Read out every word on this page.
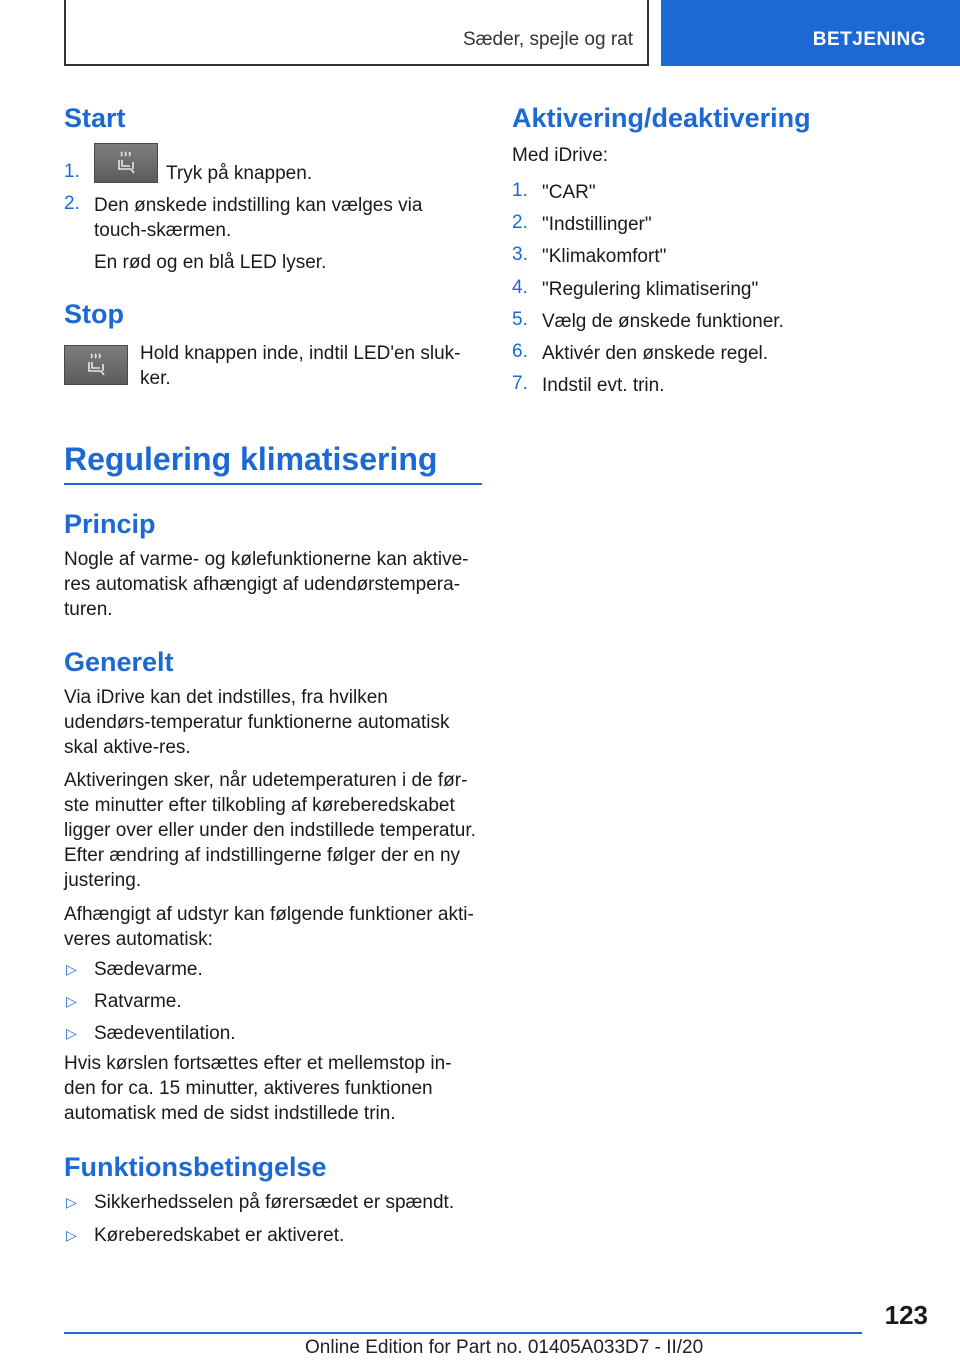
Sæder, spejle og rat	BETJENING
Start
1.	Tryk på knappen.
2. Den ønskede indstilling kan vælges via touch-skærmen.
En rød og en blå LED lyser.
Stop
Hold knappen inde, indtil LED'en sluk-ker.
Regulering klimatisering
Princip
Nogle af varme- og kølefunktionerne kan aktive-res automatisk afhængigt af udendørstempera-turen.
Generelt
Via iDrive kan det indstilles, fra hvilken udendørs-temperatur funktionerne automatisk skal aktive-res.
Aktiveringen sker, når udetemperaturen i de før-ste minutter efter tilkobling af køreberedskabet ligger over eller under den indstillede temperatur. Efter ændring af indstillingerne følger der en ny justering.
Afhængigt af udstyr kan følgende funktioner akti-veres automatisk:
▷ Sædevarme.
▷ Ratvarme.
▷ Sædeventilation.
Hvis kørslen fortsættes efter et mellemstop in-den for ca. 15 minutter, aktiveres funktionen automatisk med de sidst indstillede trin.
Funktionsbetingelse
▷ Sikkerhedsselen på førersædet er spændt.
▷ Køreberedskabet er aktiveret.
Aktivering/deaktivering
Med iDrive:
1. "CAR"
2. "Indstillinger"
3. "Klimakomfort"
4. "Regulering klimatisering"
5. Vælg de ønskede funktioner.
6. Aktivér den ønskede regel.
7. Indstil evt. trin.
123
Online Edition for Part no. 01405A033D7 - II/20
